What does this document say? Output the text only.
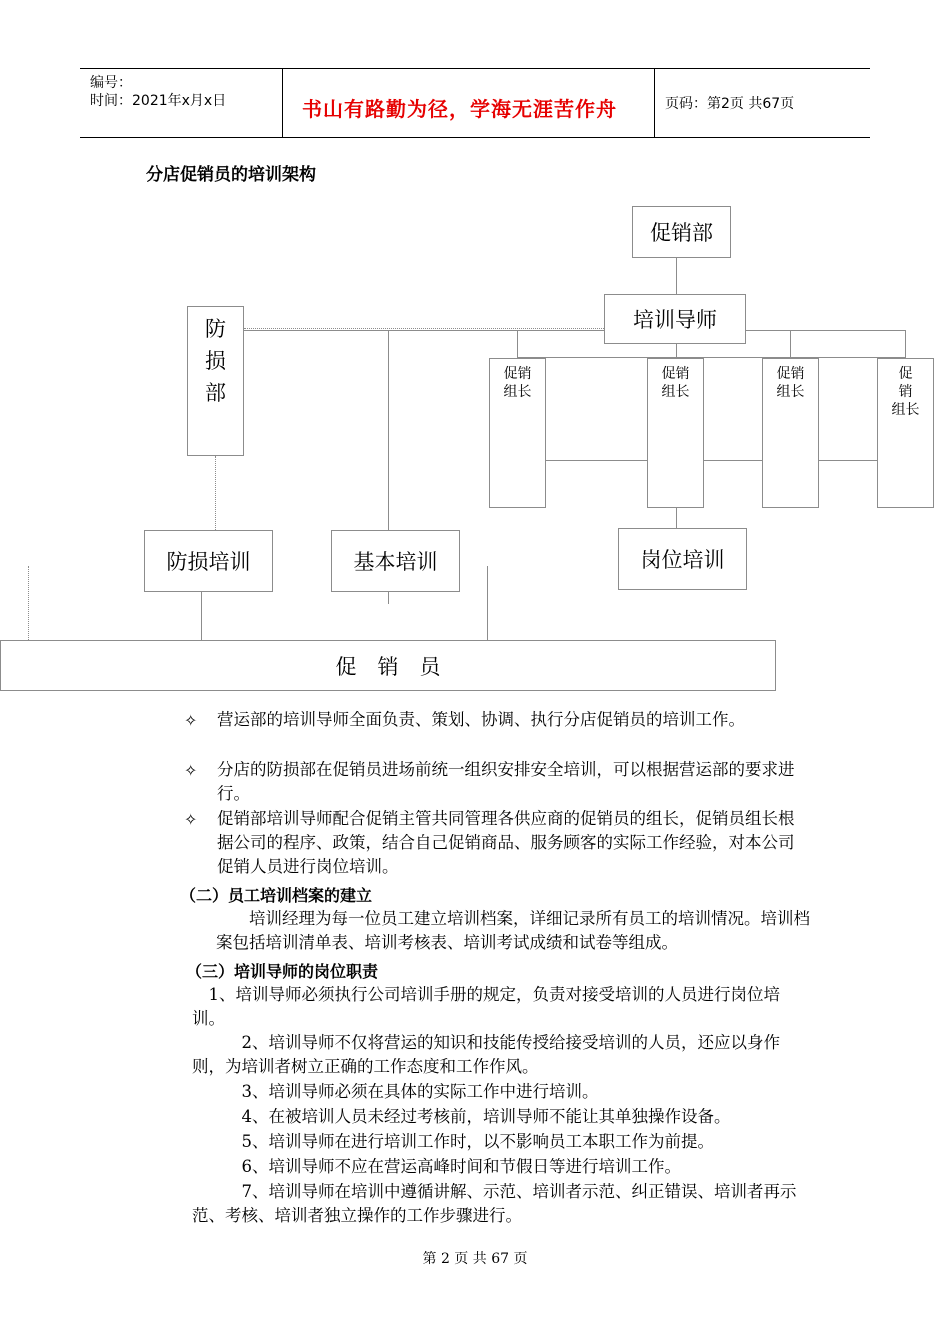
编号：
时间：2021年x月x日	书山有路勤为径，学海无涯苦作舟	页码：第2页 共67页
分店促销员的培训架构
促销部
培训导师
防
损
部
促销
组长
促销
组长
促销
组长
促
销
组长
防损培训	基本培训	岗位培训
促　销　员
✧ 营运部的培训导师全面负责、策划、协调、执行分店促销员的培训工作。
✧ 分店的防损部在促销员进场前统一组织安排安全培训，可以根据营运部的要求进行。
✧ 促销部培训导师配合促销主管共同管理各供应商的促销员的组长，促销员组长根据公司的程序、政策，结合自己促销商品、服务顾客的实际工作经验，对本公司促销人员进行岗位培训。
（二）员工培训档案的建立
培训经理为每一位员工建立培训档案，详细记录所有员工的培训情况。培训档案包括培训清单表、培训考核表、培训考试成绩和试卷等组成。
（三）培训导师的岗位职责
1、培训导师必须执行公司培训手册的规定，负责对接受培训的人员进行岗位培训。
2、培训导师不仅将营运的知识和技能传授给接受培训的人员，还应以身作则，为培训者树立正确的工作态度和工作作风。
3、培训导师必须在具体的实际工作中进行培训。
4、在被培训人员未经过考核前，培训导师不能让其单独操作设备。
5、培训导师在进行培训工作时，以不影响员工本职工作为前提。
6、培训导师不应在营运高峰时间和节假日等进行培训工作。
7、培训导师在培训中遵循讲解、示范、培训者示范、纠正错误、培训者再示范、考核、培训者独立操作的工作步骤进行。
第 2 页 共 67 页
